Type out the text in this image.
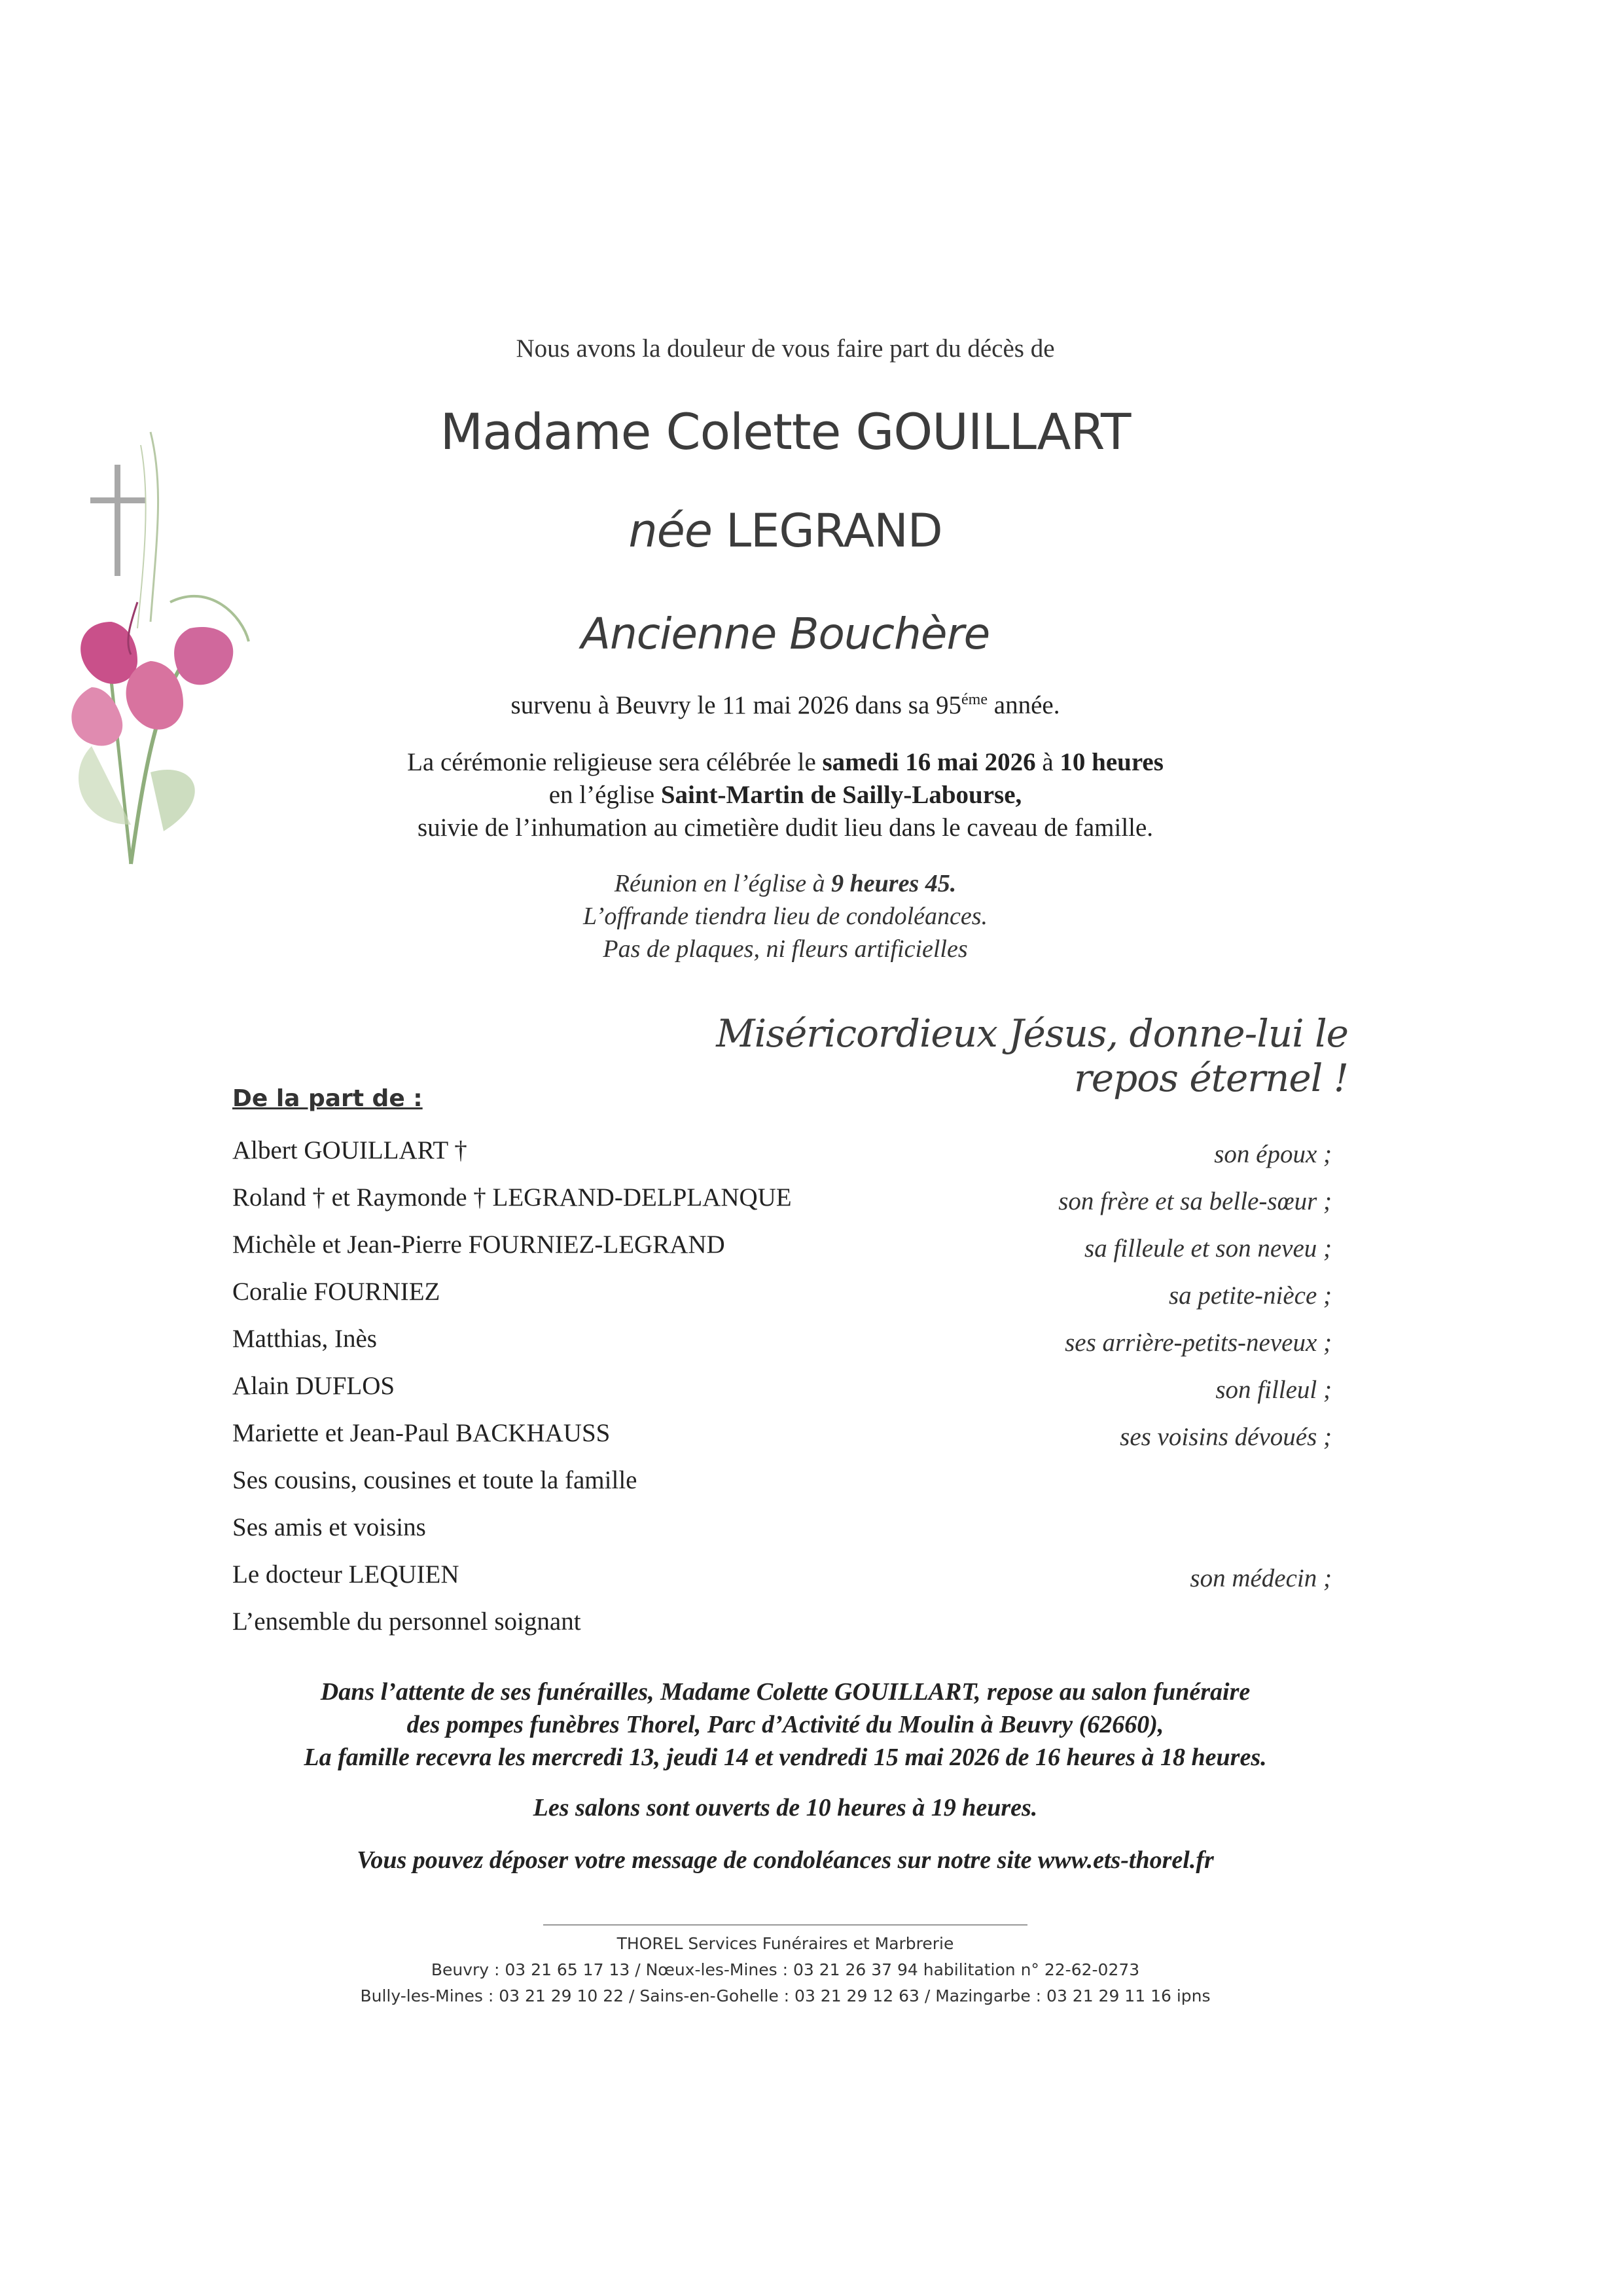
Nous avons la douleur de vous faire part du décès de
Madame Colette GOUILLART
née LEGRAND
Ancienne Bouchère
survenu à Beuvry le 11 mai 2026 dans sa $95^{éme}$ année.
La cérémonie religieuse sera célébrée le samedi 16 mai 2026 à 10 heures
en l’église Saint-Martin de Sailly-Labourse,
suivie de l’inhumation au cimetière dudit lieu dans le caveau de famille.
Réunion en l’église à 9 heures 45.
L’offrande tiendra lieu de condoléances.
Pas de plaques, ni fleurs artificielles
Miséricordieux Jésus, donne-lui le repos éternel !
De la part de :
Albert GOUILLART †	son époux ;
Roland † et Raymonde † LEGRAND-DELPLANQUE	son frère et sa belle-sœur ;
Michèle et Jean-Pierre FOURNIEZ-LEGRAND	sa filleule et son neveu ;
Coralie FOURNIEZ	sa petite-nièce ;
Matthias, Inès	ses arrière-petits-neveux ;
Alain DUFLOS	son filleul ;
Mariette et Jean-Paul BACKHAUSS	ses voisins dévoués ;
Ses cousins, cousines et toute la famille
Ses amis et voisins
Le docteur LEQUIEN	son médecin ;
L’ensemble du personnel soignant
Dans l’attente de ses funérailles, Madame Colette GOUILLART, repose au salon funéraire
des pompes funèbres Thorel, Parc d’Activité du Moulin à Beuvry (62660),
La famille recevra les mercredi 13, jeudi 14 et vendredi 15 mai 2026 de 16 heures à 18 heures.
Les salons sont ouverts de 10 heures à 19 heures.
Vous pouvez déposer votre message de condoléances sur notre site www.ets-thorel.fr
THOREL Services Funéraires et Marbrerie
Beuvry : 03 21 65 17 13 / Nœux-les-Mines : 03 21 26 37 94 habilitation n° 22-62-0273
Bully-les-Mines : 03 21 29 10 22 / Sains-en-Gohelle : 03 21 29 12 63 / Mazingarbe : 03 21 29 11 16 ipns
